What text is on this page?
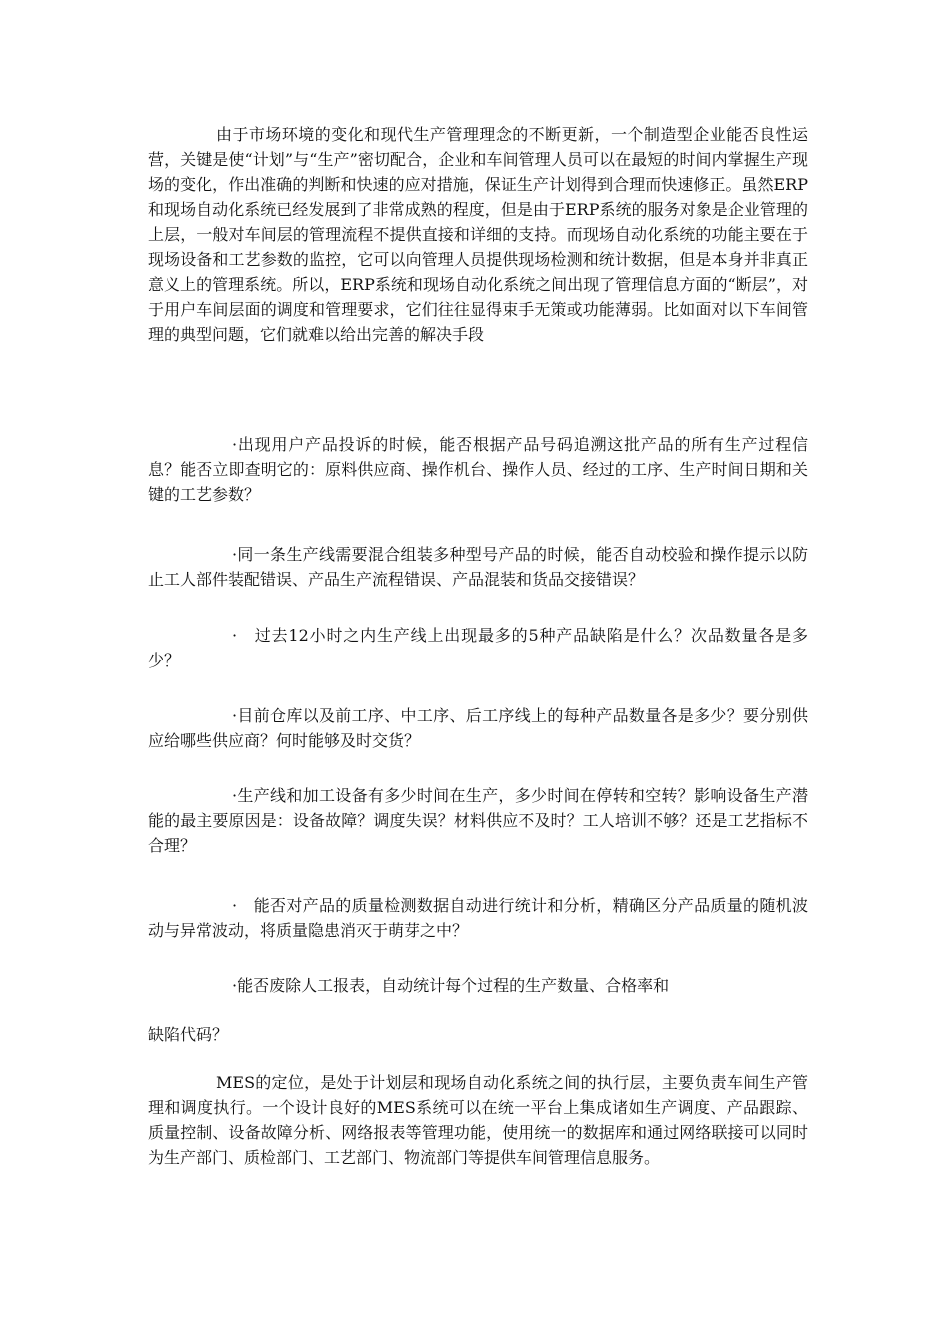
由于市场环境的变化和现代生产管理理念的不断更新，一个制造型企业能否良性运营，关键是使“计划”与“生产”密切配合，企业和车间管理人员可以在最短的时间内掌握生产现场的变化，作出准确的判断和快速的应对措施，保证生产计划得到合理而快速修正。虽然ERP和现场自动化系统已经发展到了非常成熟的程度，但是由于ERP系统的服务对象是企业管理的上层，一般对车间层的管理流程不提供直接和详细的支持。而现场自动化系统的功能主要在于现场设备和工艺参数的监控，它可以向管理人员提供现场检测和统计数据，但是本身并非真正意义上的管理系统。所以，ERP系统和现场自动化系统之间出现了管理信息方面的“断层”，对于用户车间层面的调度和管理要求，它们往往显得束手无策或功能薄弱。比如面对以下车间管理的典型问题，它们就难以给出完善的解决手段

·出现用户产品投诉的时候，能否根据产品号码追溯这批产品的所有生产过程信息？能否立即查明它的：原料供应商、操作机台、操作人员、经过的工序、生产时间日期和关键的工艺参数？

·同一条生产线需要混合组装多种型号产品的时候，能否自动校验和操作提示以防止工人部件装配错误、产品生产流程错误、产品混装和货品交接错误？

·　过去12小时之内生产线上出现最多的5种产品缺陷是什么？次品数量各是多少？

·目前仓库以及前工序、中工序、后工序线上的每种产品数量各是多少？要分别供应给哪些供应商？何时能够及时交货？

·生产线和加工设备有多少时间在生产，多少时间在停转和空转？影响设备生产潜能的最主要原因是：设备故障？调度失误？材料供应不及时？工人培训不够？还是工艺指标不合理？

·　能否对产品的质量检测数据自动进行统计和分析，精确区分产品质量的随机波动与异常波动，将质量隐患消灭于萌芽之中？

·能否废除人工报表，自动统计每个过程的生产数量、合格率和

缺陷代码？

MES的定位，是处于计划层和现场自动化系统之间的执行层，主要负责车间生产管理和调度执行。一个设计良好的MES系统可以在统一平台上集成诸如生产调度、产品跟踪、质量控制、设备故障分析、网络报表等管理功能，使用统一的数据库和通过网络联接可以同时为生产部门、质检部门、工艺部门、物流部门等提供车间管理信息服务。
